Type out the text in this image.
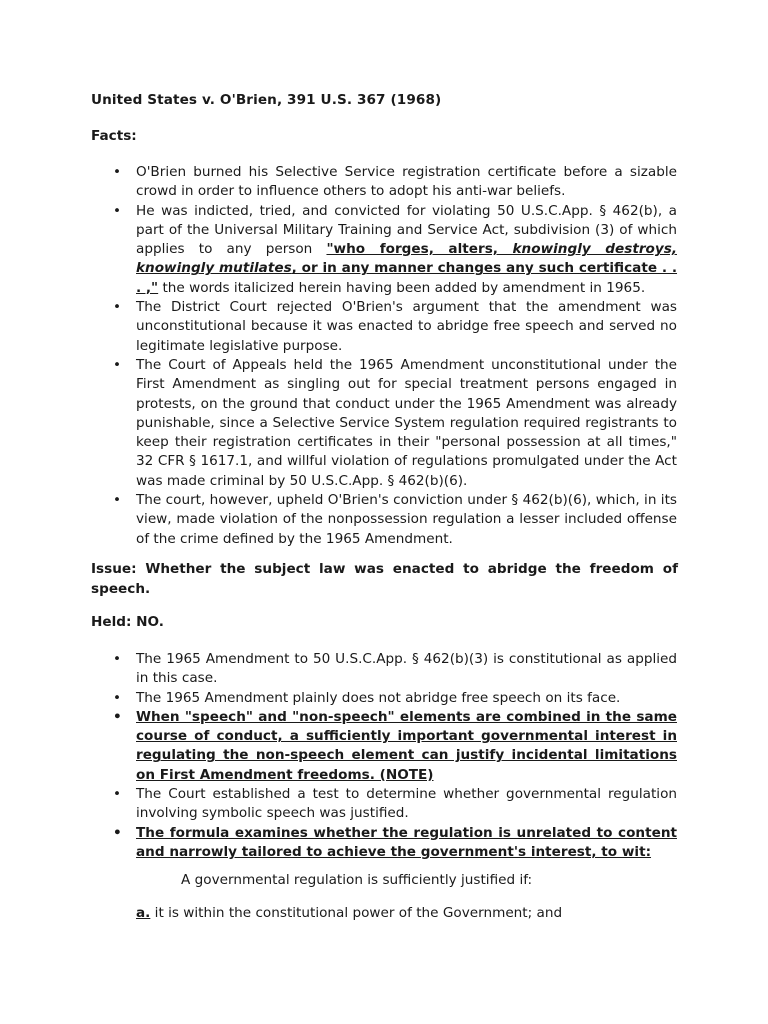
United States v. O'Brien, 391 U.S. 367 (1968)
Facts:
• O'Brien burned his Selective Service registration certificate before a sizable crowd in order to influence others to adopt his anti-war beliefs.
• He was indicted, tried, and convicted for violating 50 U.S.C.App. § 462(b), a part of the Universal Military Training and Service Act, subdivision (3) of which applies to any person "who forges, alters, knowingly destroys, knowingly mutilates, or in any manner changes any such certificate . . . ," the words italicized herein having been added by amendment in 1965.
• The District Court rejected O'Brien's argument that the amendment was unconstitutional because it was enacted to abridge free speech and served no legitimate legislative purpose.
• The Court of Appeals held the 1965 Amendment unconstitutional under the First Amendment as singling out for special treatment persons engaged in protests, on the ground that conduct under the 1965 Amendment was already punishable, since a Selective Service System regulation required registrants to keep their registration certificates in their "personal possession at all times," 32 CFR § 1617.1, and willful violation of regulations promulgated under the Act was made criminal by 50 U.S.C.App. § 462(b)(6).
• The court, however, upheld O'Brien's conviction under § 462(b)(6), which, in its view, made violation of the nonpossession regulation a lesser included offense of the crime defined by the 1965 Amendment.
Issue: Whether the subject law was enacted to abridge the freedom of speech.
Held: NO.
• The 1965 Amendment to 50 U.S.C.App. § 462(b)(3) is constitutional as applied in this case.
• The 1965 Amendment plainly does not abridge free speech on its face.
• When "speech" and "non-speech" elements are combined in the same course of conduct, a sufficiently important governmental interest in regulating the non-speech element can justify incidental limitations on First Amendment freedoms. (NOTE)
• The Court established a test to determine whether governmental regulation involving symbolic speech was justified.
• The formula examines whether the regulation is unrelated to content and narrowly tailored to achieve the government's interest, to wit:
A governmental regulation is sufficiently justified if:
a. it is within the constitutional power of the Government; and
